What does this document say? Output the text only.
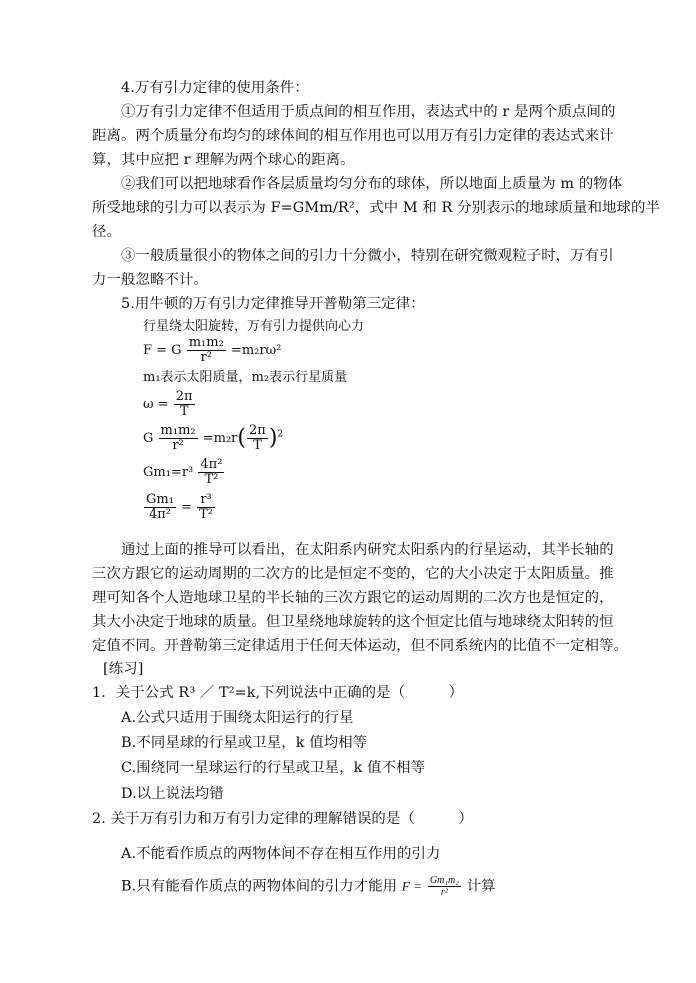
4.万有引力定律的使用条件：
①万有引力定律不但适用于质点间的相互作用，表达式中的 r 是两个质点间的
距离。两个质量分布均匀的球体间的相互作用也可以用万有引力定律的表达式来计
算，其中应把 r 理解为两个球心的距离。
②我们可以把地球看作各层质量均匀分布的球体，所以地面上质量为 m 的物体
所受地球的引力可以表示为 F=GMm/R²，式中 M 和 R 分别表示的地球质量和地球的半
径。
③一般质量很小的物体之间的引力十分微小，特别在研究微观粒子时，万有引
力一般忽略不计。
5.用牛顿的万有引力定律推导开普勒第三定律：
行星绕太阳旋转，万有引力提供向心力
F = G $\frac{\text{m₁m₂}}{\text{r²}} =m_2r\omega^2$
m₁表示太阳质量，m₂表示行星质量
$\omega = \frac{2\pi}{T}$
G $\frac{\text{m₁m₂}}{\text{r²}} =m_2r( \frac{2\pi}{T} )^2$
$Gm_1=r^3 \frac{\text{4π²}}{\text{T²}}$
$\frac{\text{Gm₁}}{\text{4π²}} = \frac{\text{r³}}{\text{T²}}$
通过上面的推导可以看出，在太阳系内研究太阳系内的行星运动，其半长轴的
三次方跟它的运动周期的二次方的比是恒定不变的，它的大小决定于太阳质量。推
理可知各个人造地球卫星的半长轴的三次方跟它的运动周期的二次方也是恒定的，
其大小决定于地球的质量。但卫星绕地球旋转的这个恒定比值与地球绕太阳转的恒
定值不同。开普勒第三定律适用于任何天体运动，但不同系统内的比值不一定相等。
[练习]
1．关于公式 R³ ／ T²=k,下列说法中正确的是（　　　）
A.公式只适用于围绕太阳运行的行星
B.不同星球的行星或卫星，k 值均相等
C.围绕同一星球运行的行星或卫星，k 值不相等
D.以上说法均错
2. 关于万有引力和万有引力定律的理解错误的是（　　　）
A.不能看作质点的两物体间不存在相互作用的引力
B.只有能看作质点的两物体间的引力才能用 $F = \frac{\text{Gm₁m₂}}{\text{r²}}$ 计算
